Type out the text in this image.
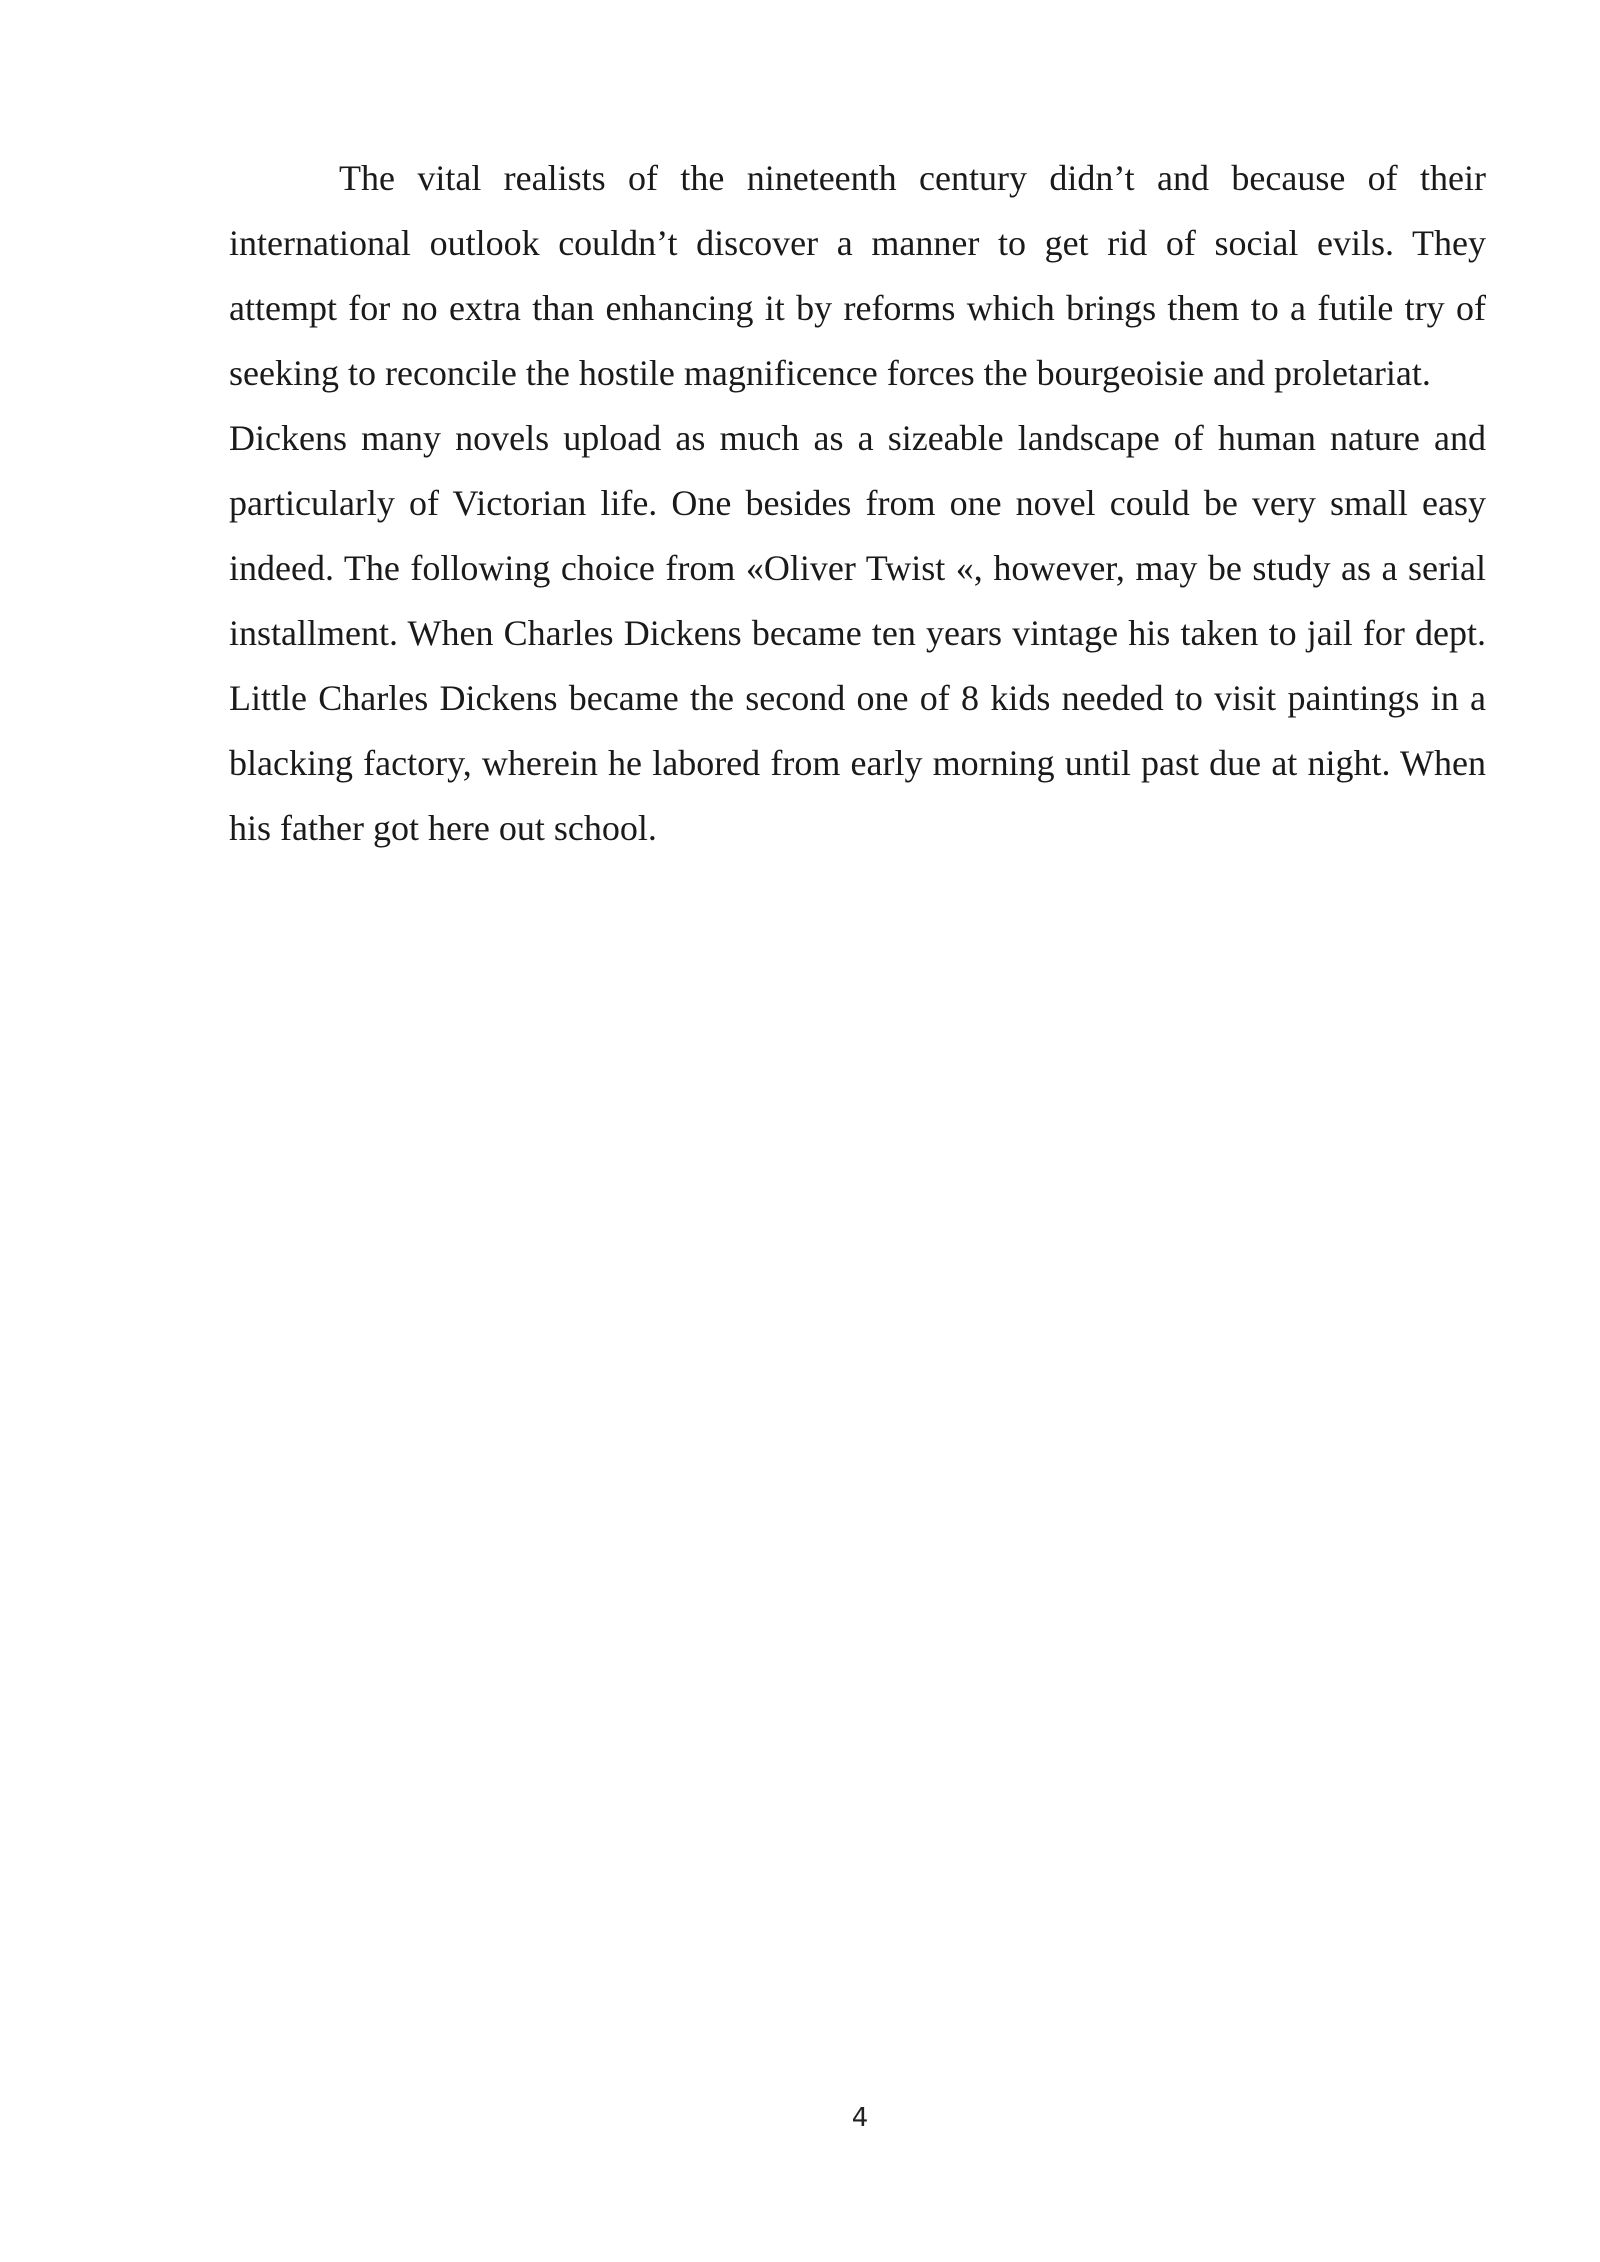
The vital realists of the nineteenth century didn’t and because of their international outlook couldn’t discover a manner to get rid of social evils. They attempt for no extra than enhancing it by reforms which brings them to a futile try of seeking to reconcile the hostile magnificence forces the bourgeoisie and proletariat.

Dickens many novels upload as much as a sizeable landscape of human nature and particularly of Victorian life. One besides from one novel could be very small easy indeed. The following choice from «Oliver Twist «, however, may be study as a serial installment. When Charles Dickens became ten years vintage his taken to jail for dept. Little Charles Dickens became the second one of 8 kids needed to visit paintings in a blacking factory, wherein he labored from early morning until past due at night. When his father got here out school.

4
